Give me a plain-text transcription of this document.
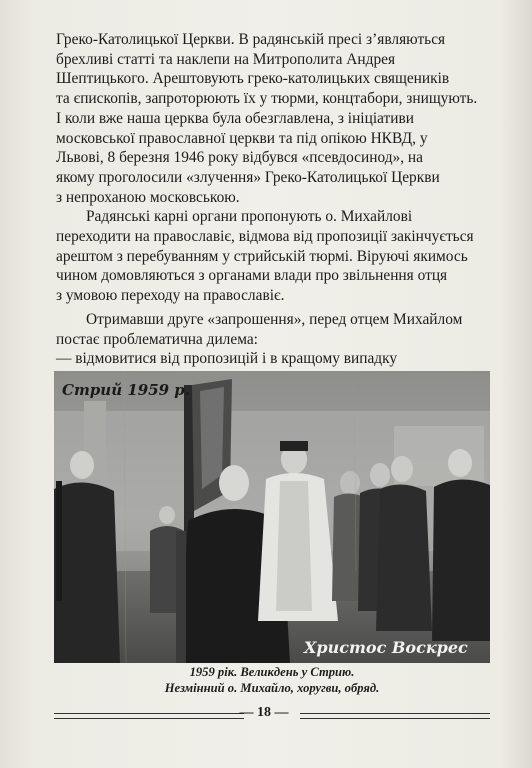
Греко-Католицької Церкви. В радянській пресі з’являються
брехливі статті та наклепи на Митрополита Андрея
Шептицького. Арештовують греко-католицьких священиків
та єпископів, запроторюють їх у тюрми, концтабори, знищують.
І коли вже наша церква була обезглавлена, з ініціативи
московської православної церкви та під опікою НКВД, у
Львові, 8 березня 1946 року відбувся «псевдосинод», на
якому проголосили «злучення» Греко-Католицької Церкви
з непроханою московською.

Радянські карні органи пропонують о. Михайлові
переходити на православіє, відмова від пропозиції закінчується
арештом з перебуванням у стрийській тюрмі. Віруючі якимось
чином домовляються з органами влади про звільнення отця
з умовою переходу на православіє.

Отримавши друге «запрошення», перед отцем Михайлом
постає проблематична дилема:
— відмовитися від пропозицій і в кращому випадку

Стрий 1959 р.
Христос Воскрес
1959 рік. Великдень у Стрию.
Незмінний о. Михайло, хоругви, обряд.
— 18 —
